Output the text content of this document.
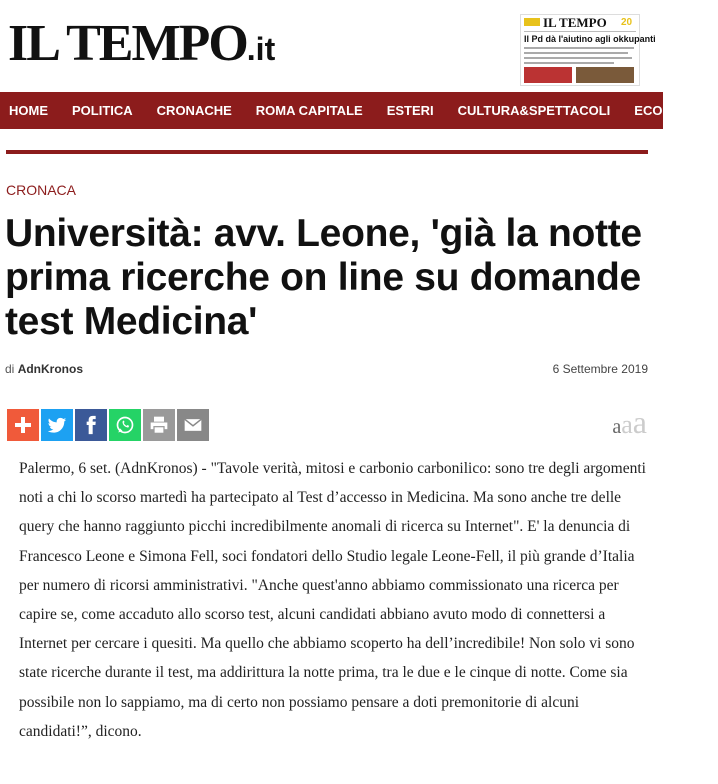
IL TEMPO.it
IL TEMPO 20
Il Pd dà l'aiutino agli okkupanti
HOME	POLITICA	CRONACHE	ROMA CAPITALE	ESTERI	CULTURA&SPETTACOLI	ECONOMIA
CRONACA
Università: avv. Leone, 'già la notte prima ricerche on line su domande test Medicina'
di AdnKronos	6 Settembre 2019
aaa

Palermo, 6 set. (AdnKronos) - "Tavole verità, mitosi e carbonio carbonilico: sono tre degli argomenti noti a chi lo scorso martedì ha partecipato al Test d’accesso in Medicina. Ma sono anche tre delle query che hanno raggiunto picchi incredibilmente anomali di ricerca su Internet". E' la denuncia di Francesco Leone e Simona Fell, soci fondatori dello Studio legale Leone-Fell, il più grande d’Italia per numero di ricorsi amministrativi. "Anche quest'anno abbiamo commissionato una ricerca per capire se, come accaduto allo scorso test, alcuni candidati abbiano avuto modo di connettersi a Internet per cercare i quesiti. Ma quello che abbiamo scoperto ha dell’incredibile! Non solo vi sono state ricerche durante il test, ma addirittura la notte prima, tra le due e le cinque di notte. Come sia possibile non lo sappiamo, ma di certo non possiamo pensare a doti premonitorie di alcuni candidati!”, dicono.
